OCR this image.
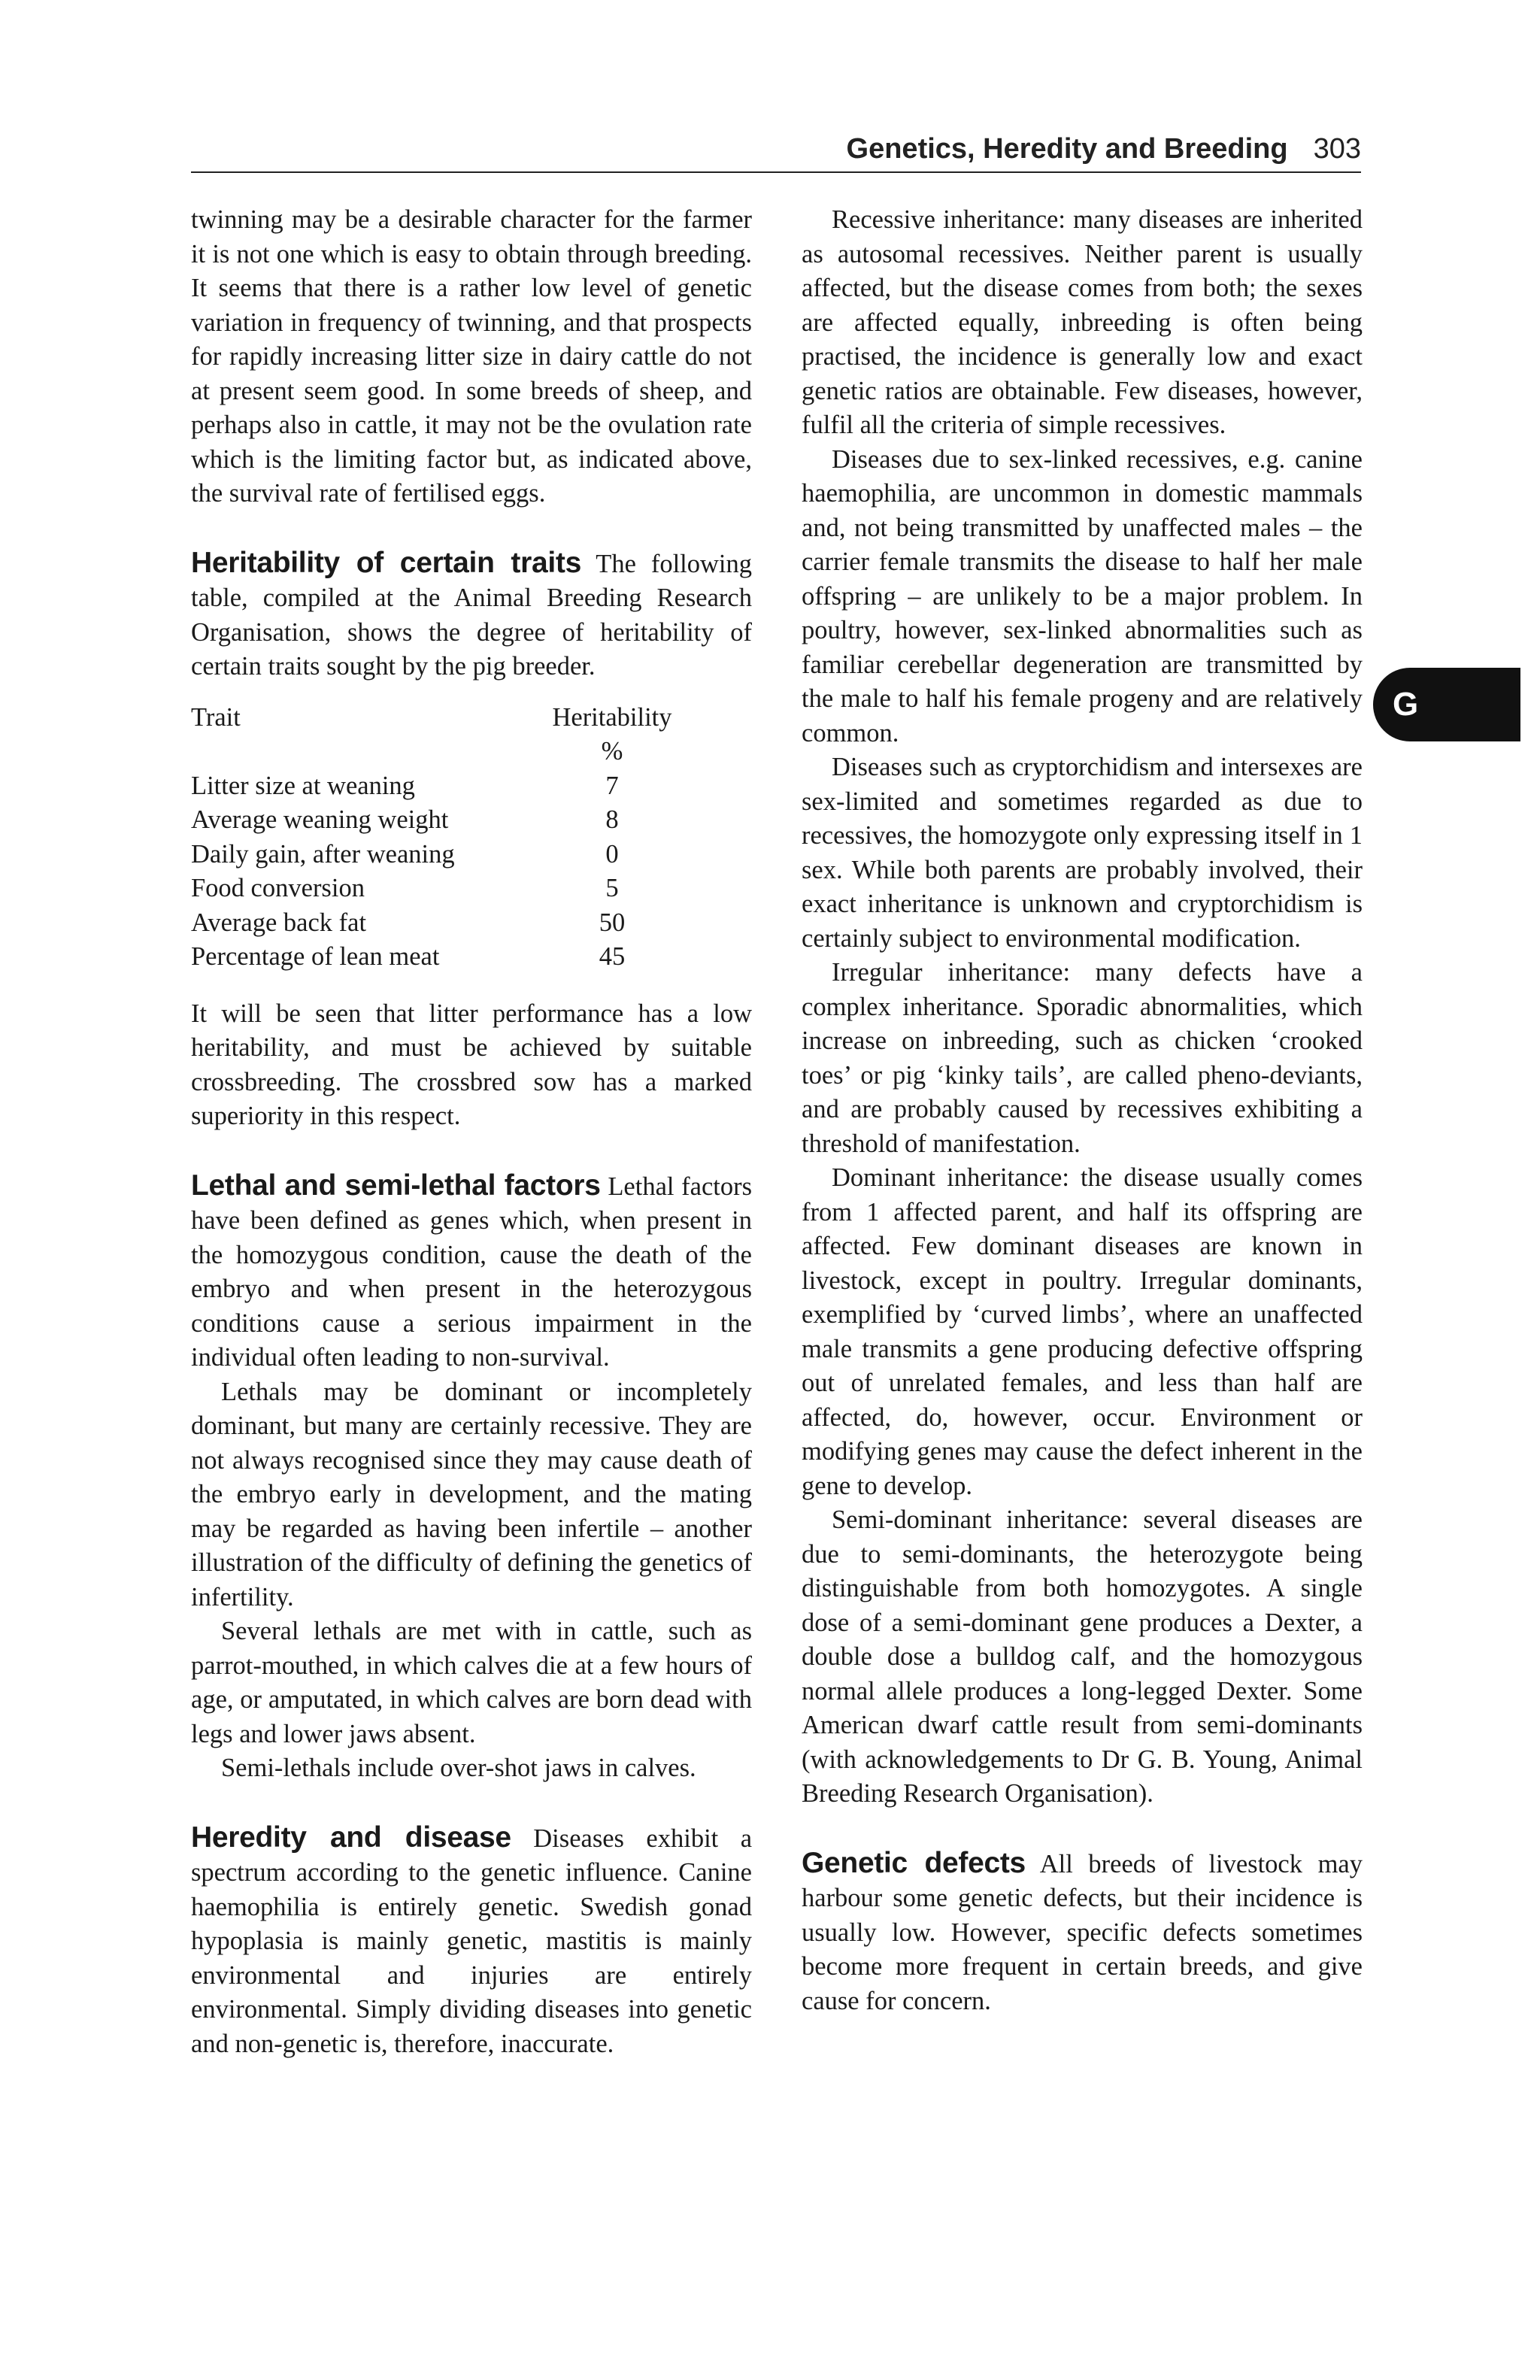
Genetics, Heredity and Breeding 303
G

twinning may be a desirable character for the farmer it is not one which is easy to obtain through breeding. It seems that there is a rather low level of genetic variation in frequency of twinning, and that prospects for rapidly increasing litter size in dairy cattle do not at present seem good. In some breeds of sheep, and perhaps also in cattle, it may not be the ovulation rate which is the limiting factor but, as indicated above, the survival rate of fertilised eggs.

Heritability of certain traits The following table, compiled at the Animal Breeding Research Organisation, shows the degree of heritability of certain traits sought by the pig breeder.

Trait	Heritability
	%
Litter size at weaning	7
Average weaning weight	8
Daily gain, after weaning	0
Food conversion	5
Average back fat	50
Percentage of lean meat	45

It will be seen that litter performance has a low heritability, and must be achieved by suitable crossbreeding. The crossbred sow has a marked superiority in this respect.

Lethal and semi-lethal factors Lethal factors have been defined as genes which, when present in the homozygous condition, cause the death of the embryo and when present in the heterozygous conditions cause a serious impairment in the individual often leading to non-survival.

Lethals may be dominant or incompletely dominant, but many are certainly recessive. They are not always recognised since they may cause death of the embryo early in development, and the mating may be regarded as having been infertile – another illustration of the difficulty of defining the genetics of infertility.

Several lethals are met with in cattle, such as parrot-mouthed, in which calves die at a few hours of age, or amputated, in which calves are born dead with legs and lower jaws absent.

Semi-lethals include over-shot jaws in calves.

Heredity and disease Diseases exhibit a spectrum according to the genetic influence. Canine haemophilia is entirely genetic. Swedish gonad hypoplasia is mainly genetic, mastitis is mainly environmental and injuries are entirely environmental. Simply dividing diseases into genetic and non-genetic is, therefore, inaccurate.

Recessive inheritance: many diseases are inherited as autosomal recessives. Neither parent is usually affected, but the disease comes from both; the sexes are affected equally, inbreeding is often being practised, the incidence is generally low and exact genetic ratios are obtainable. Few diseases, however, fulfil all the criteria of simple recessives.

Diseases due to sex-linked recessives, e.g. canine haemophilia, are uncommon in domestic mammals and, not being transmitted by unaffected males – the carrier female transmits the disease to half her male offspring – are unlikely to be a major problem. In poultry, however, sex-linked abnormalities such as familiar cerebellar degeneration are transmitted by the male to half his female progeny and are relatively common.

Diseases such as cryptorchidism and intersexes are sex-limited and sometimes regarded as due to recessives, the homozygote only expressing itself in 1 sex. While both parents are probably involved, their exact inheritance is unknown and cryptorchidism is certainly subject to environmental modification.

Irregular inheritance: many defects have a complex inheritance. Sporadic abnormalities, which increase on inbreeding, such as chicken ‘crooked toes’ or pig ‘kinky tails’, are called pheno-deviants, and are probably caused by recessives exhibiting a threshold of manifestation.

Dominant inheritance: the disease usually comes from 1 affected parent, and half its offspring are affected. Few dominant diseases are known in livestock, except in poultry. Irregular dominants, exemplified by ‘curved limbs’, where an unaffected male transmits a gene producing defective offspring out of unrelated females, and less than half are affected, do, however, occur. Environment or modifying genes may cause the defect inherent in the gene to develop.

Semi-dominant inheritance: several diseases are due to semi-dominants, the heterozygote being distinguishable from both homozygotes. A single dose of a semi-dominant gene produces a Dexter, a double dose a bulldog calf, and the homozygous normal allele produces a long-legged Dexter. Some American dwarf cattle result from semi-dominants (with acknowledgements to Dr G. B. Young, Animal Breeding Research Organisation).

Genetic defects All breeds of livestock may harbour some genetic defects, but their incidence is usually low. However, specific defects sometimes become more frequent in certain breeds, and give cause for concern.
